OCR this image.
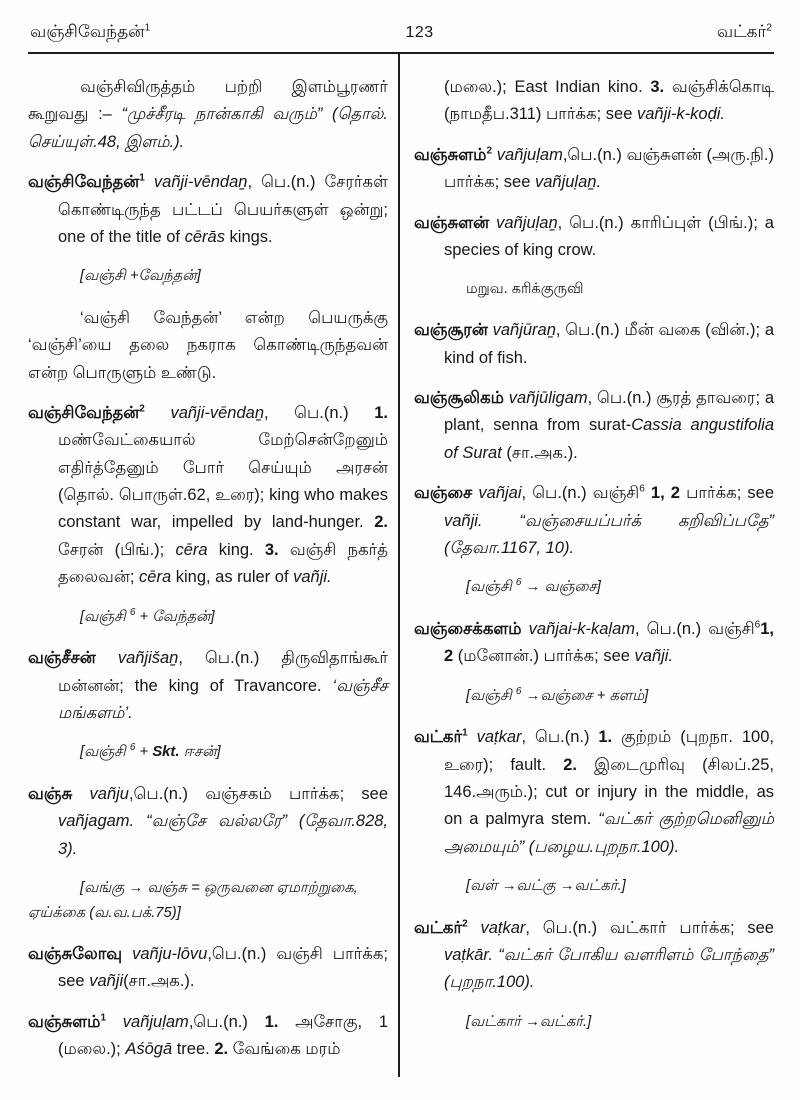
வஞ்சிவேந்தன்$^1$	123	வட்கர்$^2$

வஞ்சிவிருத்தம் பற்றி இளம்பூரணர் கூறுவது :– “முச்சீரடி நான்காகி வரும்” (தொல். செய்யுள்.48, இளம்.).

வஞ்சிவேந்தன்$^1$ vañji-vēndaṉ, பெ.(n.) சேரர்கள் கொண்டிருந்த பட்டப் பெயர்களுள் ஒன்று; one of the title of cērās kings.

[வஞ்சி +வேந்தன்]

‘வஞ்சி வேந்தன்’ என்ற பெயருக்கு ‘வஞ்சி’யை தலை நகராக கொண்டிருந்தவன் என்ற பொருளும் உண்டு.

வஞ்சிவேந்தன்$^2$ vañji-vēndaṉ, பெ.(n.) 1. மண்வேட்கையால் மேற்சென்றேனும் எதிர்த்தேனும் போர் செய்யும் அரசன் (தொல். பொருள்.62, உரை); king who makes constant war, impelled by land-hunger. 2. சேரன் (பிங்.); cēra king. 3. வஞ்சி நகர்த் தலைவன்; cēra king, as ruler of vañji.

[வஞ்சி $^6$ + வேந்தன்]

வஞ்சீசன் vañjišaṉ, பெ.(n.) திருவிதாங்கூர் மன்னன்; the king of Travancore. ‘வஞ்சீச மங்களம்’.

[வஞ்சி $^6$ + Skt. ஈசன்]

வஞ்சு vañju,பெ.(n.) வஞ்சகம் பார்க்க; see vañjagam. “வஞ்சே வல்லரே” (தேவா.828, 3).

[வங்கு → வஞ்சு = ஒருவனை ஏமாற்றுகை, ஏய்க்கை (வ.வ.பக்.75)]

வஞ்சுலோவு vañju-lōvu,பெ.(n.) வஞ்சி பார்க்க; see vañji(சா.அக.).

வஞ்சுளம்$^1$ vañjuḷam,பெ.(n.) 1. அசோகு, 1 (மலை.); Aśōgā tree. 2. வேங்கை மரம்

(மலை.); East Indian kino. 3. வஞ்சிக்கொடி (நாமதீப.311) பார்க்க; see vañji-k-koḍi.

வஞ்சுளம்$^2$ vañjuḷam,பெ.(n.) வஞ்சுளன் (அரு.நி.) பார்க்க; see vañjuḷaṉ.

வஞ்சுளன் vañjuḷaṉ, பெ.(n.) காரிப்புள் (பிங்.); a species of king crow.

மறுவ. கரிக்குருவி

வஞ்சூரன் vañjūraṉ, பெ.(n.) மீன் வகை (வின்.); a kind of fish.

வஞ்சூலிகம் vañjūligam, பெ.(n.) சூரத் தாவரை; a plant, senna from surat-Cassia angustifolia of Surat (சா.அக.).

வஞ்சை vañjai, பெ.(n.) வஞ்சி$^6$ 1, 2 பார்க்க; see vañji. “வஞ்சையப்பர்க் கறிவிப்பதே” (தேவா.1167, 10).

[வஞ்சி $^6$ → வஞ்சை]

வஞ்சைக்களம் vañjai-k-kaḷam, பெ.(n.) வஞ்சி$^6$1, 2 (மனோன்.) பார்க்க; see vañji.

[வஞ்சி $^6$ →வஞ்சை + களம்]

வட்கர்$^1$ vaṭkar, பெ.(n.) 1. குற்றம் (புறநா. 100, உரை); fault. 2. இடைமுரிவு (சிலப்.25, 146.அரும்.); cut or injury in the middle, as on a palmyra stem. “வட்கர் குற்றமெனினும் அமையும்” (பழைய.புறநா.100).

[வள் →வட்கு →வட்கர்.]

வட்கர்$^2$ vaṭkar, பெ.(n.) வட்கார் பார்க்க; see vaṭkār. “வட்கர் போகிய வளரிளம் போந்தை” (புறநா.100).

[வட்கார் →வட்கர்.]
